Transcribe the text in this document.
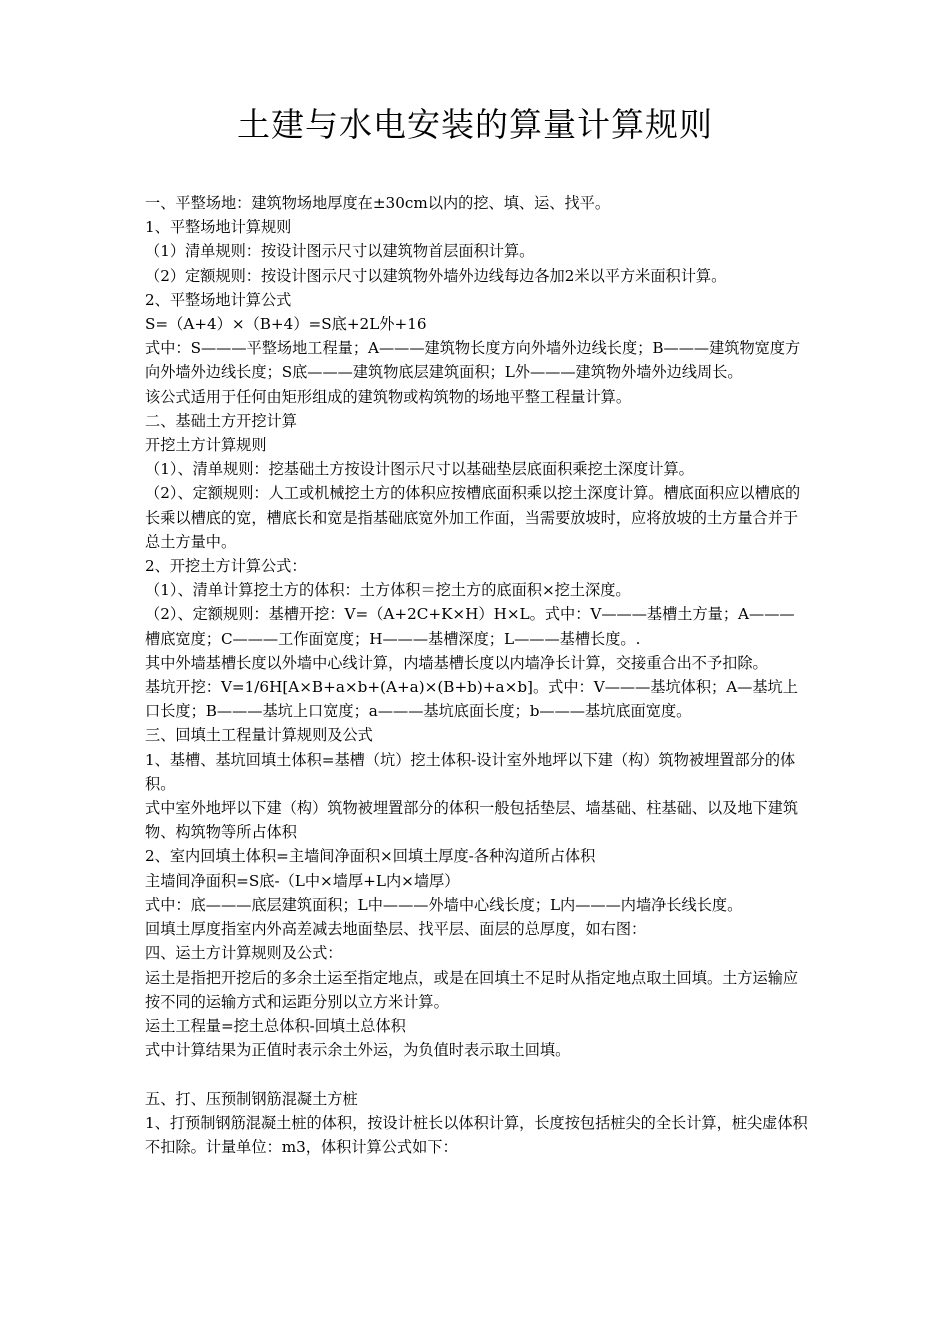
土建与水电安装的算量计算规则

一、平整场地：建筑物场地厚度在±30cm以内的挖、填、运、找平。

1、平整场地计算规则

（1）清单规则：按设计图示尺寸以建筑物首层面积计算。

（2）定额规则：按设计图示尺寸以建筑物外墙外边线每边各加2米以平方米面积计算。

2、平整场地计算公式

S=（A+4）×（B+4）=S底+2L外+16

式中：S———平整场地工程量；A———建筑物长度方向外墙外边线长度；B———建筑物宽度方向外墙外边线长度；S底———建筑物底层建筑面积；L外———建筑物外墙外边线周长。

该公式适用于任何由矩形组成的建筑物或构筑物的场地平整工程量计算。

二、基础土方开挖计算

开挖土方计算规则

（1）、清单规则：挖基础土方按设计图示尺寸以基础垫层底面积乘挖土深度计算。

（2）、定额规则：人工或机械挖土方的体积应按槽底面积乘以挖土深度计算。槽底面积应以槽底的长乘以槽底的宽，槽底长和宽是指基础底宽外加工作面，当需要放坡时，应将放坡的土方量合并于总土方量中。

2、开挖土方计算公式：

（1）、清单计算挖土方的体积：土方体积＝挖土方的底面积×挖土深度。

（2）、定额规则：基槽开挖：V=（A+2C+K×H）H×L。式中：V———基槽土方量；A———槽底宽度；C———工作面宽度；H———基槽深度；L———基槽长度。.

其中外墙基槽长度以外墙中心线计算，内墙基槽长度以内墙净长计算，交接重合出不予扣除。

基坑开挖：V=1/6H[A×B+a×b+(A+a)×(B+b)+a×b]。式中：V———基坑体积；A—基坑上口长度；B———基坑上口宽度；a———基坑底面长度；b———基坑底面宽度。

三、回填土工程量计算规则及公式

1、基槽、基坑回填土体积=基槽（坑）挖土体积-设计室外地坪以下建（构）筑物被埋置部分的体积。

式中室外地坪以下建（构）筑物被埋置部分的体积一般包括垫层、墙基础、柱基础、以及地下建筑物、构筑物等所占体积

2、室内回填土体积=主墙间净面积×回填土厚度-各种沟道所占体积

主墙间净面积=S底-（L中×墙厚+L内×墙厚）

式中：底———底层建筑面积；L中———外墙中心线长度；L内———内墙净长线长度。

回填土厚度指室内外高差减去地面垫层、找平层、面层的总厚度，如右图：

四、运土方计算规则及公式：

运土是指把开挖后的多余土运至指定地点，或是在回填土不足时从指定地点取土回填。土方运输应按不同的运输方式和运距分别以立方米计算。

运土工程量=挖土总体积-回填土总体积

式中计算结果为正值时表示余土外运，为负值时表示取土回填。

五、打、压预制钢筋混凝土方桩

1、打预制钢筋混凝土桩的体积，按设计桩长以体积计算，长度按包括桩尖的全长计算，桩尖虚体积不扣除。计量单位：m3，体积计算公式如下：
